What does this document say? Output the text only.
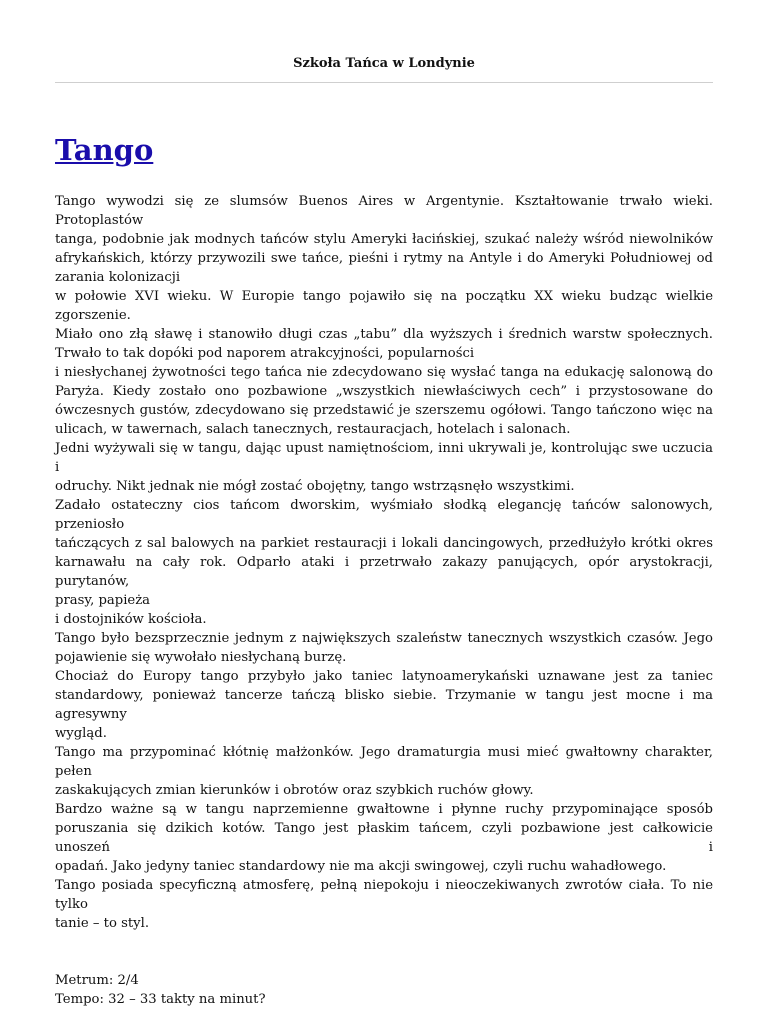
Szkoła Tańca w Londynie
Tango
Tango wywodzi się ze slumsów Buenos Aires w Argentynie. Kształtowanie trwało wieki. Protoplastów
tanga, podobnie jak modnych tańców stylu Ameryki łacińskiej, szukać należy wśród niewolników
afrykańskich, którzy przywozili swe tańce, pieśni i rytmy na Antyle i do Ameryki Południowej od
zarania kolonizacji
w połowie XVI wieku. W Europie tango pojawiło się na początku XX wieku budząc wielkie zgorszenie.
Miało ono złą sławę i stanowiło długi czas „tabu” dla wyższych i średnich warstw społecznych.
Trwało to tak dopóki pod naporem atrakcyjności, popularności
i niesłychanej żywotności tego tańca nie zdecydowano się wysłać tanga na edukację salonową do
Paryża. Kiedy zostało ono pozbawione „wszystkich niewłaściwych cech” i przystosowane do
ówczesnych gustów, zdecydowano się przedstawić je szerszemu ogółowi. Tango tańczono więc na
ulicach, w tawernach, salach tanecznych, restauracjach, hotelach i salonach.
Jedni wyżywali się w tangu, dając upust namiętnościom, inni ukrywali je, kontrolując swe uczucia i
odruchy. Nikt jednak nie mógł zostać obojętny, tango wstrząsnęło wszystkimi.
Zadało ostateczny cios tańcom dworskim, wyśmiało słodką elegancję tańców salonowych, przeniosło
tańczących z sal balowych na parkiet restauracji i lokali dancingowych, przedłużyło krótki okres
karnawału na cały rok. Odparło ataki i przetrwało zakazy panujących, opór arystokracji, purytanów,
prasy, papieża
i dostojników kościoła.
Tango było bezsprzecznie jednym z największych szaleństw tanecznych wszystkich czasów. Jego
pojawienie się wywołało niesłychaną burzę.
Chociaż do Europy tango przybyło jako taniec latynoamerykański uznawane jest za taniec
standardowy, ponieważ tancerze tańczą blisko siebie. Trzymanie w tangu jest mocne i ma agresywny
wygląd.
Tango ma przypominać kłótnię małżonków. Jego dramaturgia musi mieć gwałtowny charakter, pełen
zaskakujących zmian kierunków i obrotów oraz szybkich ruchów głowy.
Bardzo ważne są w tangu naprzemienne gwałtowne i płynne ruchy przypominające sposób
poruszania się dzikich kotów. Tango jest płaskim tańcem, czyli pozbawione jest całkowicie unoszeń i
opadań. Jako jedyny taniec standardowy nie ma akcji swingowej, czyli ruchu wahadłowego.
Tango posiada specyficzną atmosferę, pełną niepokoju i nieoczekiwanych zwrotów ciała. To nie tylko
tanie – to styl.
Metrum: 2/4
Tempo: 32 – 33 takty na minut?
